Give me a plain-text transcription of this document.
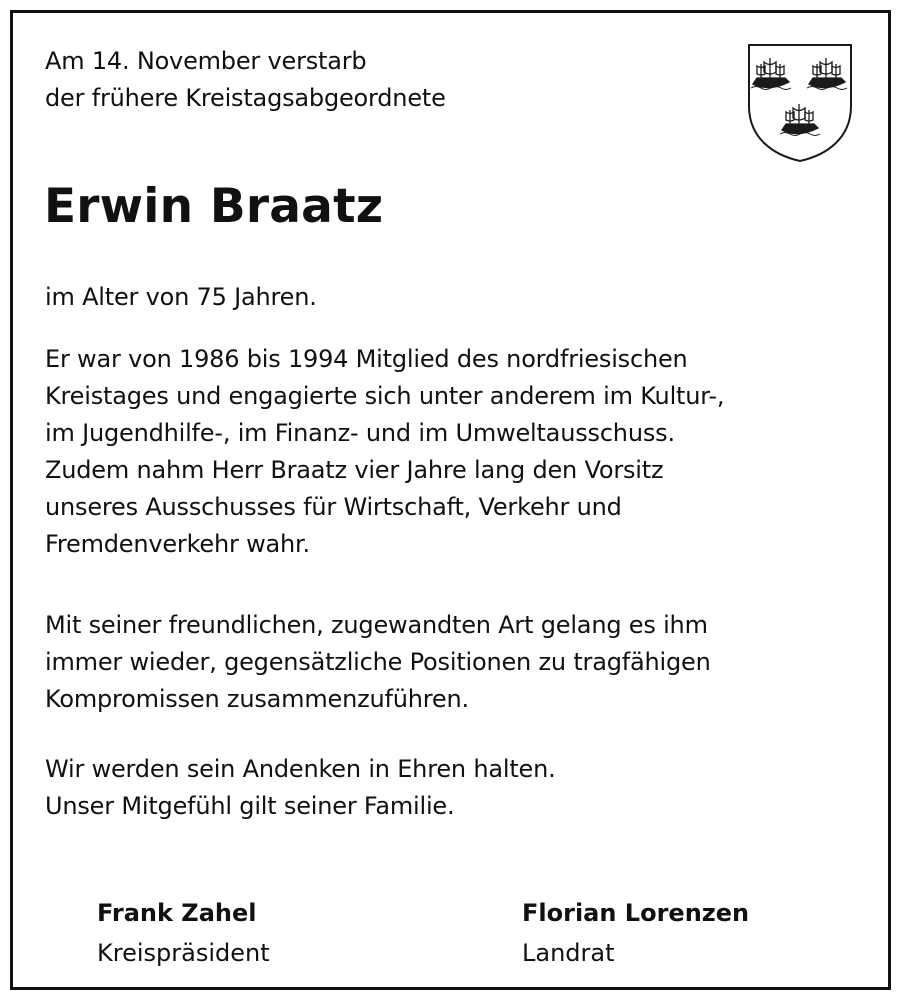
Am 14. November verstarb
der frühere Kreistagsabgeordnete
Erwin Braatz
im Alter von 75 Jahren.
Er war von 1986 bis 1994 Mitglied des nordfriesischen
Kreistages und engagierte sich unter anderem im Kultur-,
im Jugendhilfe-, im Finanz- und im Umweltausschuss.
Zudem nahm Herr Braatz vier Jahre lang den Vorsitz
unseres Ausschusses für Wirtschaft, Verkehr und
Fremdenverkehr wahr.
Mit seiner freundlichen, zugewandten Art gelang es ihm
immer wieder, gegensätzliche Positionen zu tragfähigen
Kompromissen zusammenzuführen.
Wir werden sein Andenken in Ehren halten.
Unser Mitgefühl gilt seiner Familie.
Frank Zahel
Kreispräsident
Florian Lorenzen
Landrat
